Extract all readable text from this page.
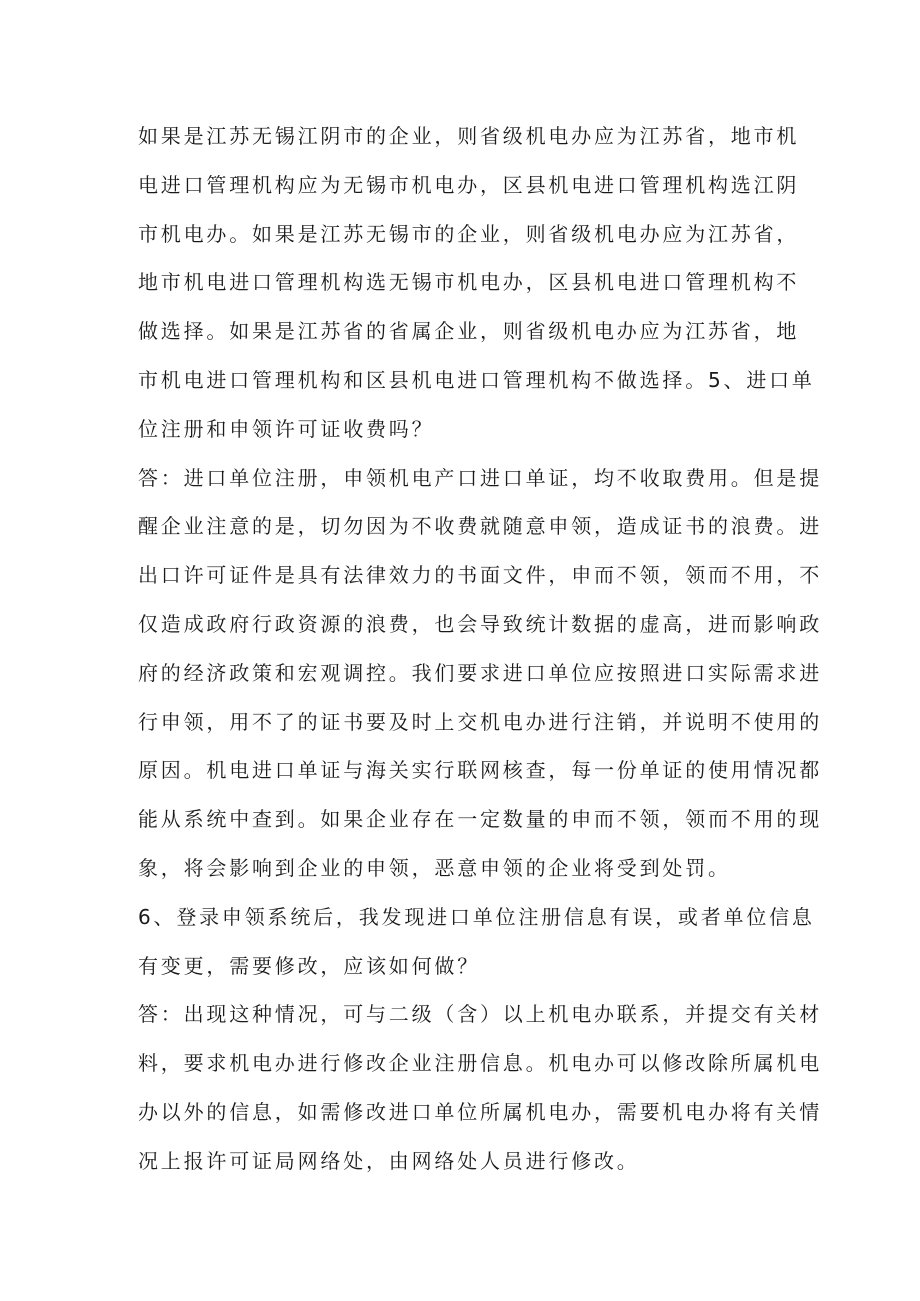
如果是江苏无锡江阴市的企业，则省级机电办应为江苏省，地市机
电进口管理机构应为无锡市机电办，区县机电进口管理机构选江阴
市机电办。如果是江苏无锡市的企业，则省级机电办应为江苏省，
地市机电进口管理机构选无锡市机电办，区县机电进口管理机构不
做选择。如果是江苏省的省属企业，则省级机电办应为江苏省，地
市机电进口管理机构和区县机电进口管理机构不做选择。5、进口单
位注册和申领许可证收费吗？
答：进口单位注册，申领机电产口进口单证，均不收取费用。但是提
醒企业注意的是，切勿因为不收费就随意申领，造成证书的浪费。进
出口许可证件是具有法律效力的书面文件，申而不领，领而不用，不
仅造成政府行政资源的浪费，也会导致统计数据的虚高，进而影响政
府的经济政策和宏观调控。我们要求进口单位应按照进口实际需求进
行申领，用不了的证书要及时上交机电办进行注销，并说明不使用的
原因。机电进口单证与海关实行联网核查，每一份单证的使用情况都
能从系统中查到。如果企业存在一定数量的申而不领，领而不用的现
象，将会影响到企业的申领，恶意申领的企业将受到处罚。
6、登录申领系统后，我发现进口单位注册信息有误，或者单位信息
有变更，需要修改，应该如何做？
答：出现这种情况，可与二级（含）以上机电办联系，并提交有关材
料，要求机电办进行修改企业注册信息。机电办可以修改除所属机电
办以外的信息，如需修改进口单位所属机电办，需要机电办将有关情
况上报许可证局网络处，由网络处人员进行修改。
